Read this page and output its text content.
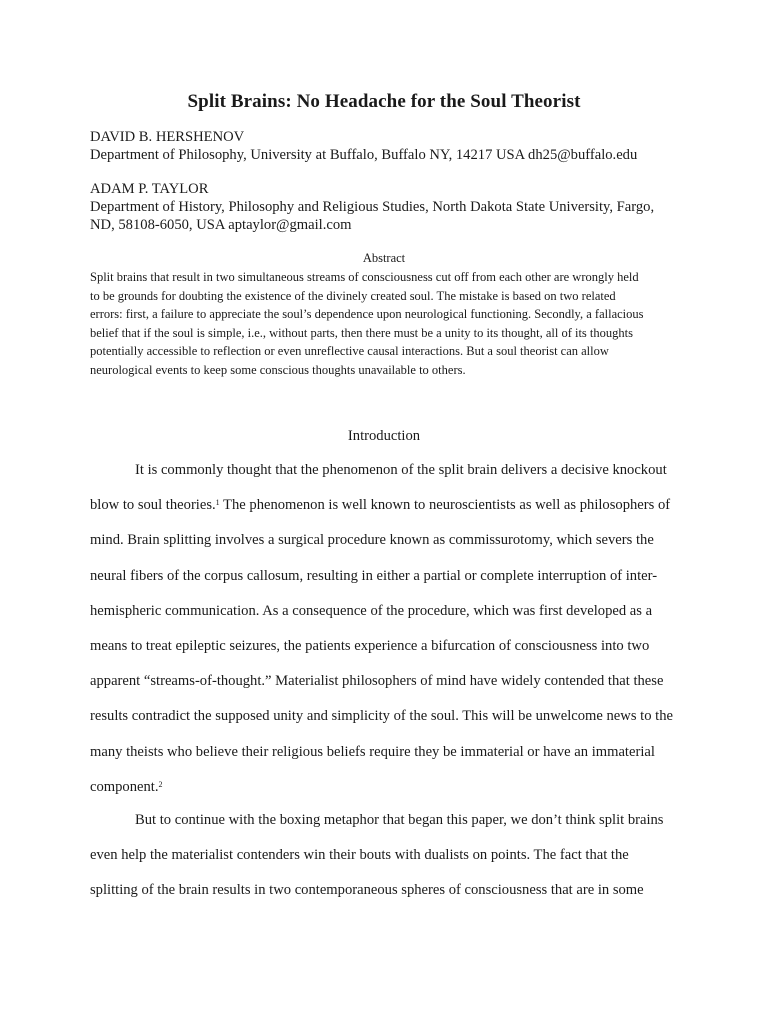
Split Brains: No Headache for the Soul Theorist
DAVID B. HERSHENOV
Department of Philosophy, University at Buffalo, Buffalo NY, 14217 USA dh25@buffalo.edu
ADAM P. TAYLOR
Department of History, Philosophy and Religious Studies, North Dakota State University, Fargo,
ND, 58108-6050, USA aptaylor@gmail.com
Abstract
Split brains that result in two simultaneous streams of consciousness cut off from each other are wrongly held
to be grounds for doubting the existence of the divinely created soul. The mistake is based on two related
errors: first, a failure to appreciate the soul’s dependence upon neurological functioning. Secondly, a fallacious
belief that if the soul is simple, i.e., without parts, then there must be a unity to its thought, all of its thoughts
potentially accessible to reflection or even unreflective causal interactions. But a soul theorist can allow
neurological events to keep some conscious thoughts unavailable to others.
Introduction
It is commonly thought that the phenomenon of the split brain delivers a decisive knockout
blow to soul theories.$^1$ The phenomenon is well known to neuroscientists as well as philosophers of
mind. Brain splitting involves a surgical procedure known as commissurotomy, which severs the
neural fibers of the corpus callosum, resulting in either a partial or complete interruption of inter-
hemispheric communication. As a consequence of the procedure, which was first developed as a
means to treat epileptic seizures, the patients experience a bifurcation of consciousness into two
apparent “streams-of-thought.” Materialist philosophers of mind have widely contended that these
results contradict the supposed unity and simplicity of the soul. This will be unwelcome news to the
many theists who believe their religious beliefs require they be immaterial or have an immaterial
component.$^2$
But to continue with the boxing metaphor that began this paper, we don’t think split brains
even help the materialist contenders win their bouts with dualists on points. The fact that the
splitting of the brain results in two contemporaneous spheres of consciousness that are in some
